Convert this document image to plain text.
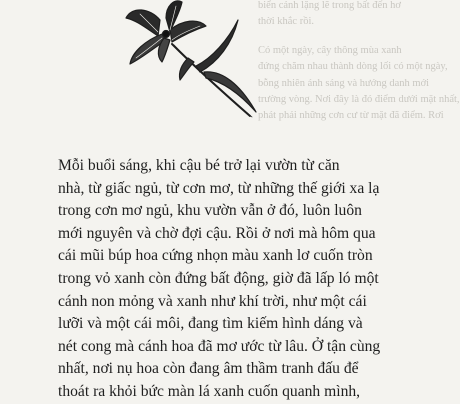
biển cảnh lặng lẽ trong bất đến hơ
thời khắc rồi.
Có một ngày, cây thông mùa xanh
đứng chăm nhau thành dòng lối có một ngày,
bỗng nhiên ánh sáng và hướng danh mới
trường vòng. Nơi đây là đó điểm dưới mặt nhất,
phát phải những cơn cư từ mặt đã điểm. Rơi
Mỗi buổi sáng, khi cậu bé trở lại vườn từ căn
nhà, từ giấc ngủ, từ cơn mơ, từ những thế giới xa lạ
trong cơn mơ ngủ, khu vườn vẫn ở đó, luôn luôn
mới nguyên và chờ đợi cậu. Rồi ở nơi mà hôm qua
cái mũi búp hoa cứng nhọn màu xanh lơ cuốn tròn
trong vỏ xanh còn đứng bất động, giờ đã lấp ló một
cánh non mỏng và xanh như khí trời, như một cái
lưỡi và một cái môi, đang tìm kiếm hình dáng và
nét cong mà cánh hoa đã mơ ước từ lâu. Ở tận cùng
nhất, nơi nụ hoa còn đang âm thầm tranh đấu để
thoát ra khỏi bức màn lá xanh cuốn quanh mình,
